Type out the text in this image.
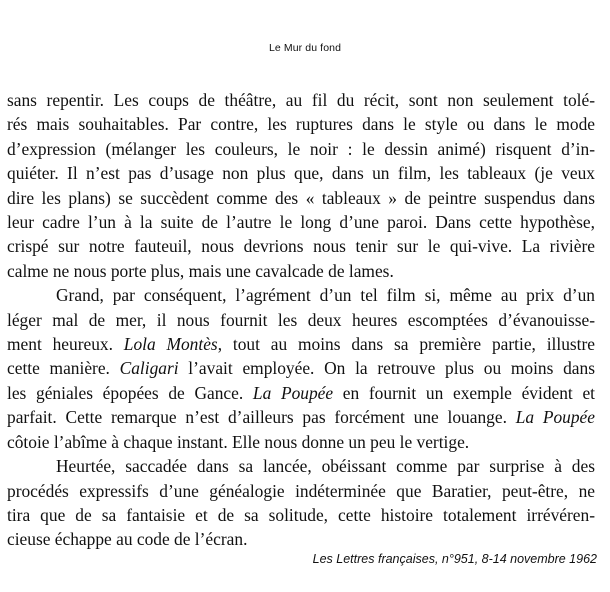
Le Mur du fond

sans repentir. Les coups de théâtre, au fil du récit, sont non seulement tolé-

rés mais souhaitables. Par contre, les ruptures dans le style ou dans le mode

d’expression (mélanger les couleurs, le noir : le dessin animé) risquent d’in-

quiéter. Il n’est pas d’usage non plus que, dans un film, les tableaux (je veux

dire les plans) se succèdent comme des « tableaux » de peintre suspendus dans

leur cadre l’un à la suite de l’autre le long d’une paroi. Dans cette hypothèse,

crispé sur notre fauteuil, nous devrions nous tenir sur le qui-vive. La rivière

calme ne nous porte plus, mais une cavalcade de lames.

Grand, par conséquent, l’agrément d’un tel film si, même au prix d’un

léger mal de mer, il nous fournit les deux heures escomptées d’évanouisse-

ment heureux. Lola Montès, tout au moins dans sa première partie, illustre

cette manière. Caligari l’avait employée. On la retrouve plus ou moins dans

les géniales épopées de Gance. La Poupée en fournit un exemple évident et

parfait. Cette remarque n’est d’ailleurs pas forcément une louange. La Poupée

côtoie l’abîme à chaque instant. Elle nous donne un peu le vertige.

Heurtée, saccadée dans sa lancée, obéissant comme par surprise à des

procédés expressifs d’une généalogie indéterminée que Baratier, peut-être, ne

tira que de sa fantaisie et de sa solitude, cette histoire totalement irrévéren-

cieuse échappe au code de l’écran.

Les Lettres françaises, n°951, 8-14 novembre 1962
